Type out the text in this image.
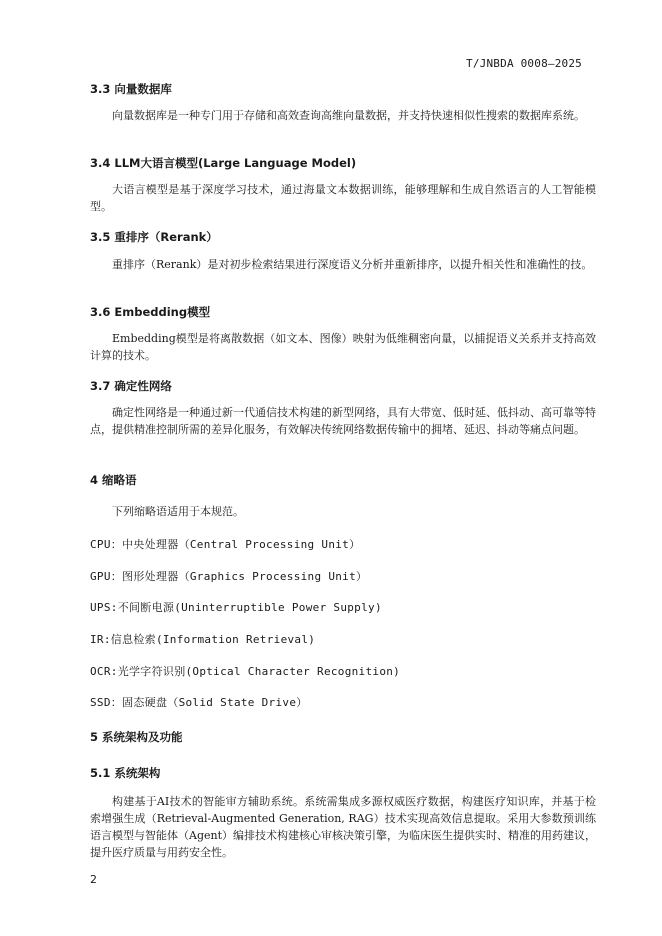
T/JNBDA 0008—2025
3.3 向量数据库
向量数据库是一种专门用于存储和高效查询高维向量数据，并支持快速相似性搜索的数据库系统。
3.4 LLM大语言模型(Large Language Model)
大语言模型是基于深度学习技术，通过海量文本数据训练，能够理解和生成自然语言的人工智能模型。
3.5 重排序（Rerank）
重排序（Rerank）是对初步检索结果进行深度语义分析并重新排序，以提升相关性和准确性的技。
3.6 Embedding模型
Embedding模型是将离散数据（如文本、图像）映射为低维稠密向量，以捕捉语义关系并支持高效计算的技术。
3.7 确定性网络
确定性网络是一种通过新一代通信技术构建的新型网络，具有大带宽、低时延、低抖动、高可靠等特点，提供精准控制所需的差异化服务，有效解决传统网络数据传输中的拥堵、延迟、抖动等痛点问题。
4 缩略语
下列缩略语适用于本规范。
CPU：中央处理器（Central Processing Unit）
GPU：图形处理器（Graphics Processing Unit）
UPS:不间断电源(Uninterruptible Power Supply)
IR:信息检索(Information Retrieval)
OCR:光学字符识别(Optical Character Recognition)
SSD：固态硬盘（Solid State Drive）
5 系统架构及功能
5.1 系统架构
构建基于AI技术的智能审方辅助系统。系统需集成多源权威医疗数据，构建医疗知识库，并基于检索增强生成（Retrieval-Augmented Generation, RAG）技术实现高效信息提取。采用大参数预训练语言模型与智能体（Agent）编排技术构建核心审核决策引擎，为临床医生提供实时、精准的用药建议，提升医疗质量与用药安全性。
2
